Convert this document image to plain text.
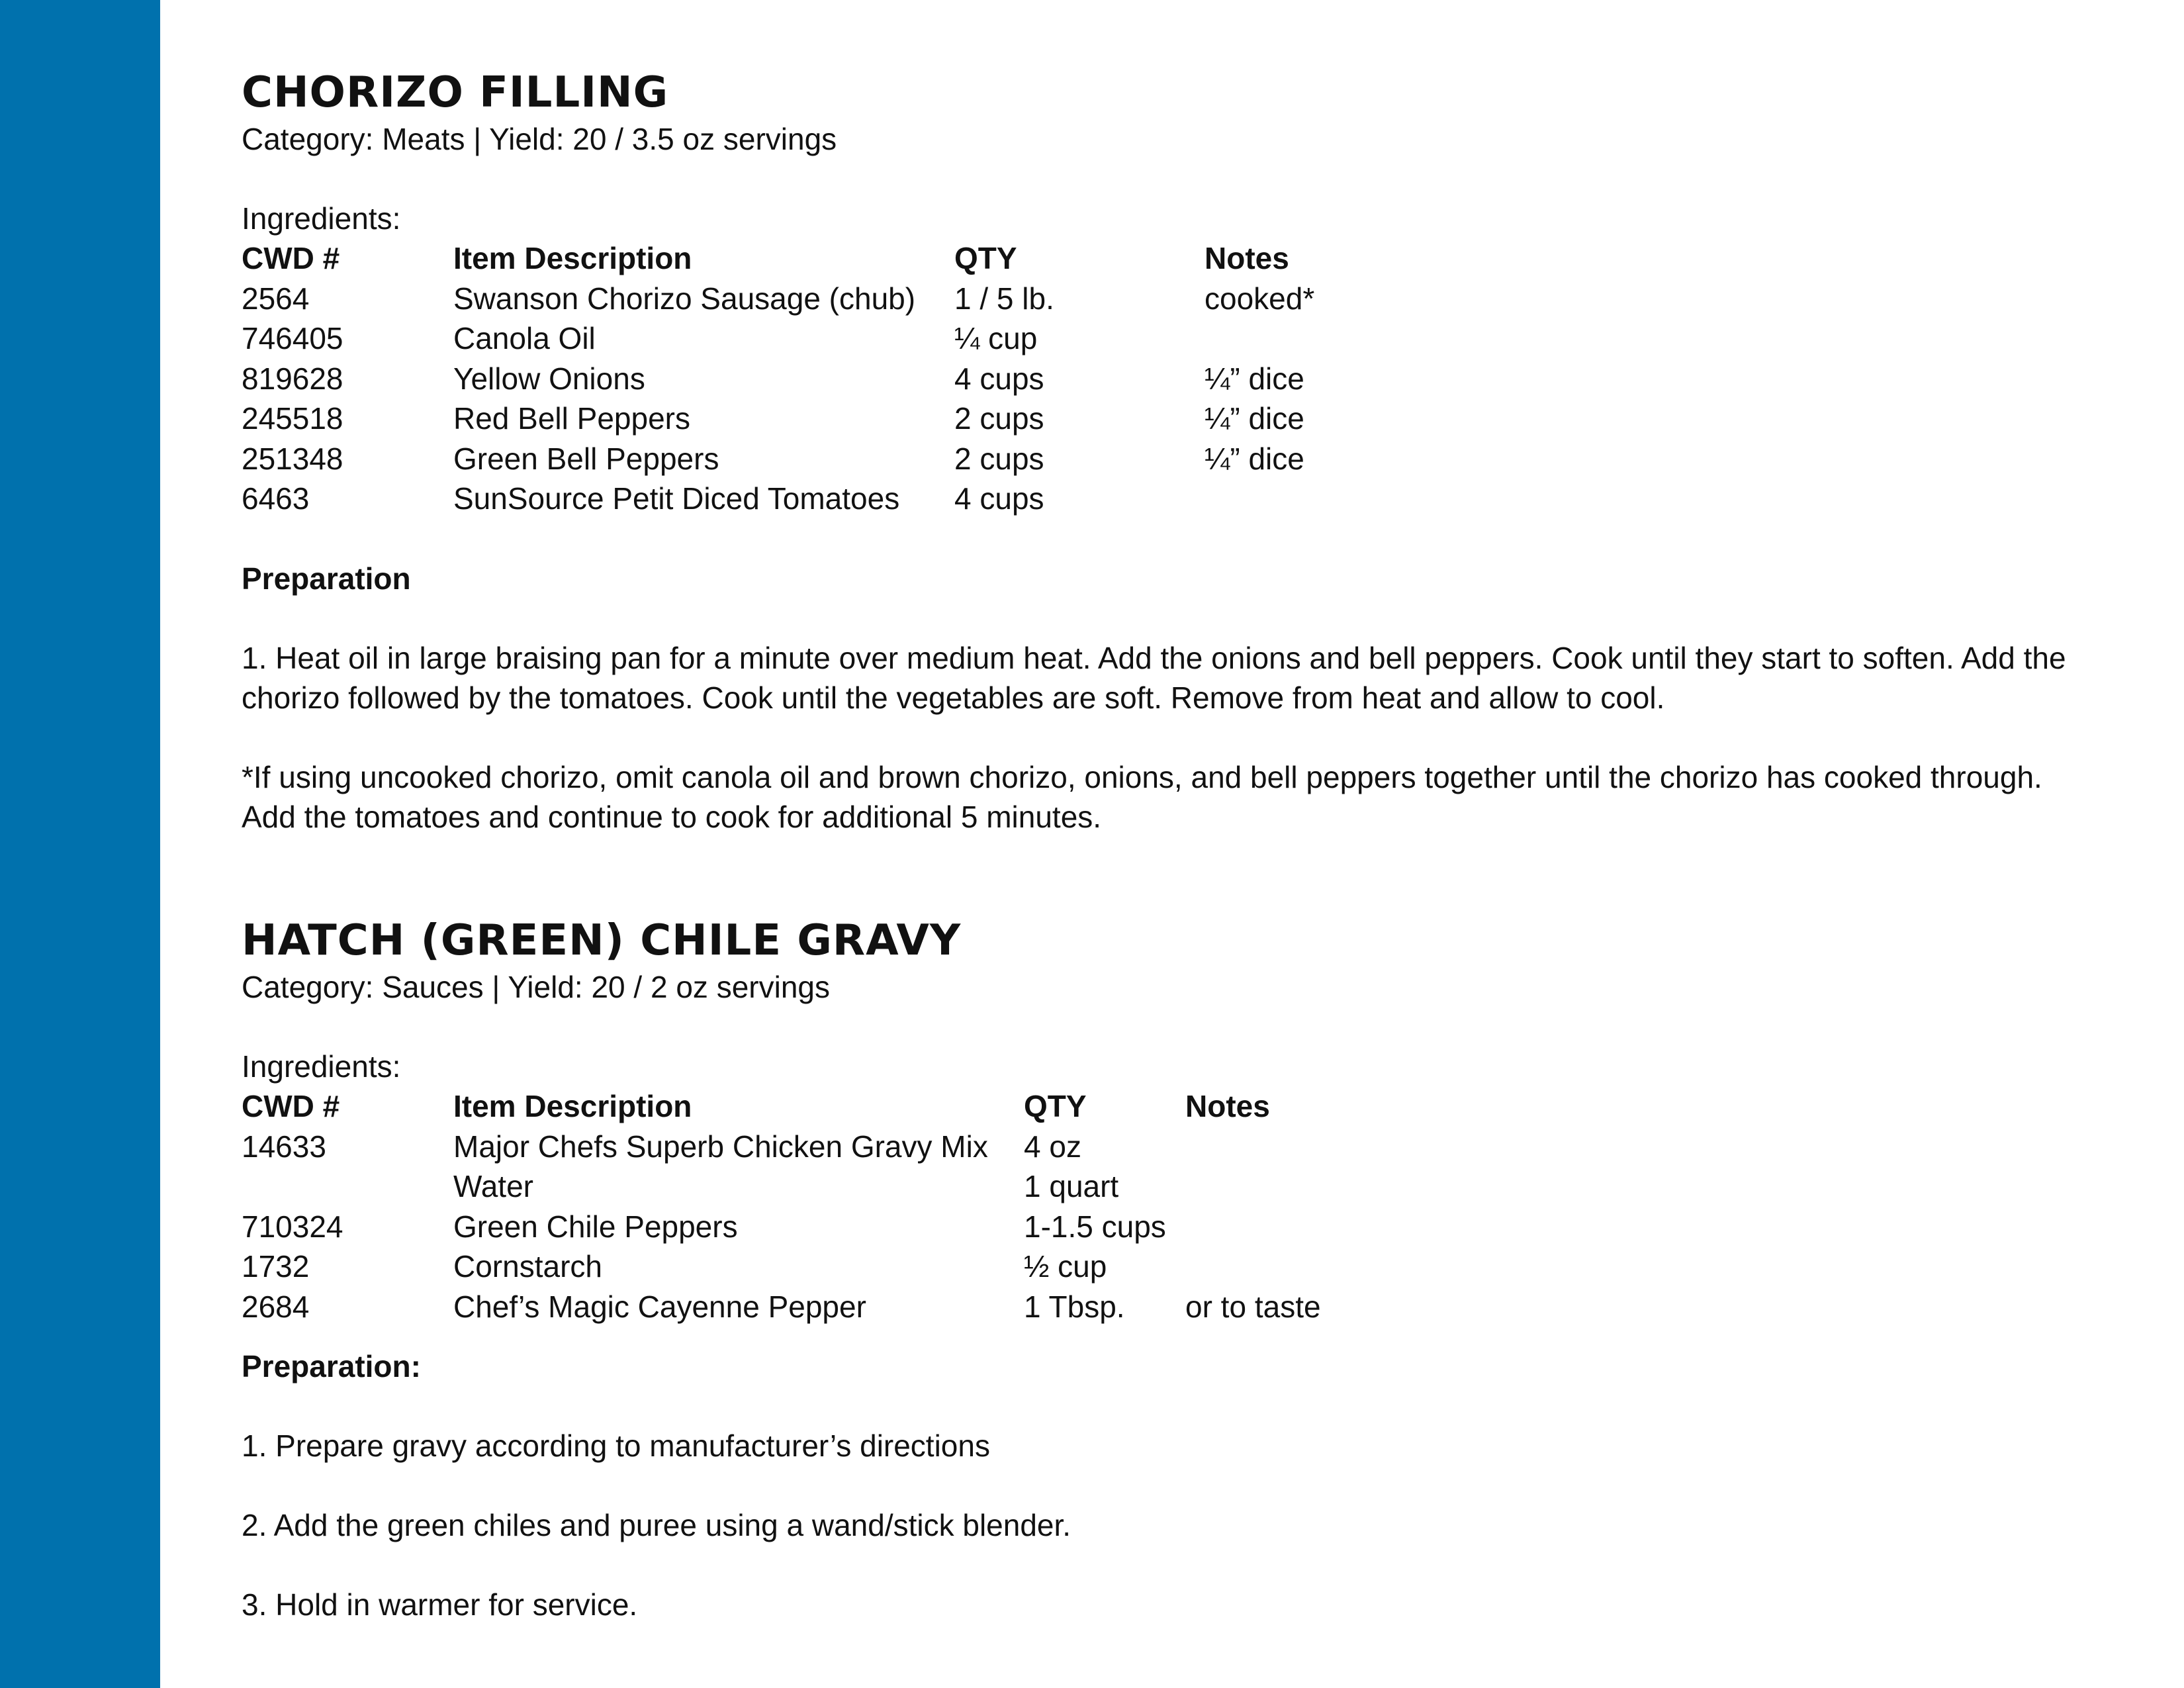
CHORIZO FILLING

Category: Meats | Yield: 20 / 3.5 oz servings

Ingredients:

CWD #	Item Description	QTY	Notes
2564	Swanson Chorizo Sausage (chub)	1 / 5 lb.	cooked*
746405	Canola Oil	¼ cup	
819628	Yellow Onions	4 cups	¼” dice
245518	Red Bell Peppers	2 cups	¼” dice
251348	Green Bell Peppers	2 cups	¼” dice
6463	SunSource Petit Diced Tomatoes	4 cups	

Preparation

1. Heat oil in large braising pan for a minute over medium heat. Add the onions and bell peppers. Cook until they start to soften. Add the chorizo followed by the tomatoes. Cook until the vegetables are soft. Remove from heat and allow to cool.

*If using uncooked chorizo, omit canola oil and brown chorizo, onions, and bell peppers together until the chorizo has cooked through. Add the tomatoes and continue to cook for additional 5 minutes.

HATCH (GREEN) CHILE GRAVY

Category: Sauces | Yield: 20 / 2 oz servings

Ingredients:

CWD #	Item Description	QTY	Notes
14633	Major Chefs Superb Chicken Gravy Mix	4 oz	
	Water	1 quart	
710324	Green Chile Peppers	1-1.5 cups	
1732	Cornstarch	½ cup	
2684	Chef’s Magic Cayenne Pepper	1 Tbsp.	or to taste

Preparation:

1. Prepare gravy according to manufacturer’s directions

2. Add the green chiles and puree using a wand/stick blender.

3. Hold in warmer for service.
